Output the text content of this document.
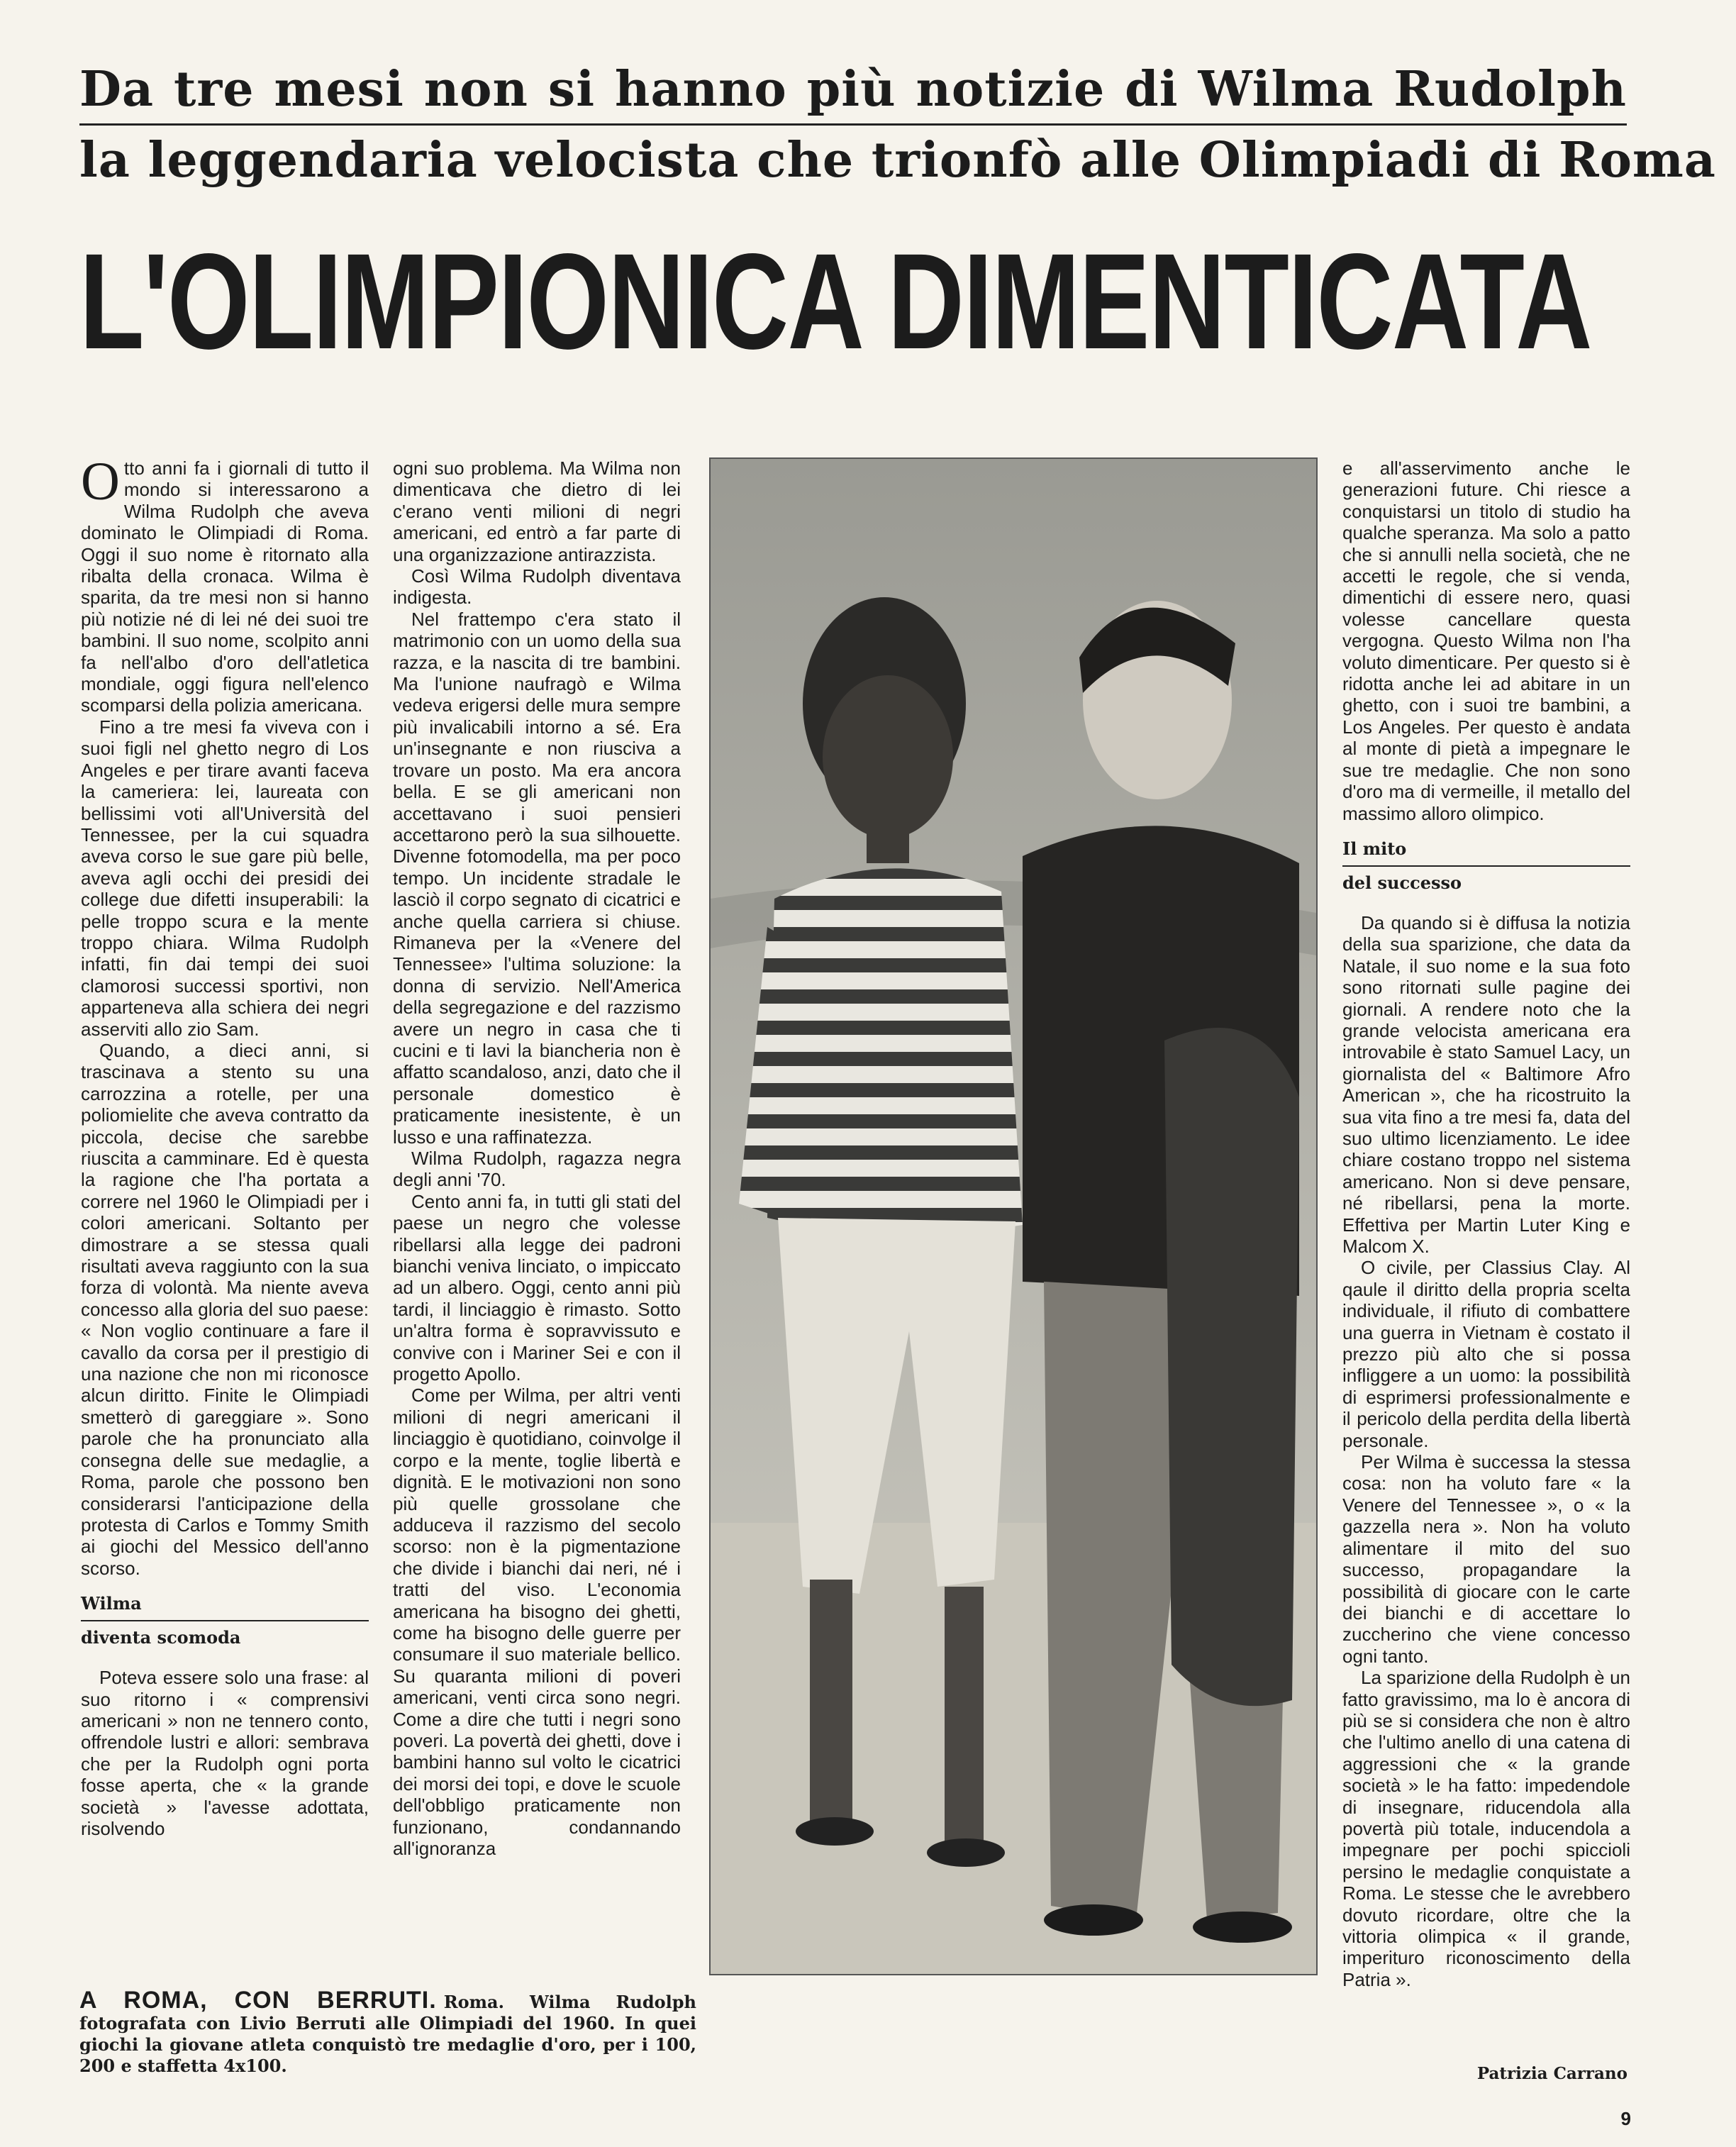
Da tre mesi non si hanno più notizie di Wilma Rudolph
la leggendaria velocista che trionfò alle Olimpiadi di Roma
L'OLIMPIONICA DIMENTICATA

Otto anni fa i giornali di tutto il mondo si interessarono a Wilma Rudolph che aveva dominato le Olimpiadi di Roma. Oggi il suo nome è ritornato alla ribalta della cronaca. Wilma è sparita, da tre mesi non si hanno più notizie né di lei né dei suoi tre bambini. Il suo nome, scolpito anni fa nell'albo d'oro dell'atletica mondiale, oggi figura nell'elenco scomparsi della polizia americana.

Fino a tre mesi fa viveva con i suoi figli nel ghetto negro di Los Angeles e per tirare avanti faceva la cameriera: lei, laureata con bellissimi voti all'Università del Tennessee, per la cui squadra aveva corso le sue gare più belle, aveva agli occhi dei presidi dei college due difetti insuperabili: la pelle troppo scura e la mente troppo chiara. Wilma Rudolph infatti, fin dai tempi dei suoi clamorosi successi sportivi, non apparteneva alla schiera dei negri asserviti allo zio Sam.

Quando, a dieci anni, si trascinava a stento su una carrozzina a rotelle, per una poliomielite che aveva contratto da piccola, decise che sarebbe riuscita a camminare. Ed è questa la ragione che l'ha portata a correre nel 1960 le Olimpiadi per i colori americani. Soltanto per dimostrare a se stessa quali risultati aveva raggiunto con la sua forza di volontà. Ma niente aveva concesso alla gloria del suo paese: « Non voglio continuare a fare il cavallo da corsa per il prestigio di una nazione che non mi riconosce alcun diritto. Finite le Olimpiadi smetterò di gareggiare ». Sono parole che ha pronunciato alla consegna delle sue medaglie, a Roma, parole che possono ben considerarsi l'anticipazione della protesta di Carlos e Tommy Smith ai giochi del Messico dell'anno scorso.

Wilma
diventa scomoda

Poteva essere solo una frase: al suo ritorno i « comprensivi americani » non ne tennero conto, offrendole lustri e allori: sembrava che per la Rudolph ogni porta fosse aperta, che « la grande società » l'avesse adottata, risolvendo

ogni suo problema. Ma Wilma non dimenticava che dietro di lei c'erano venti milioni di negri americani, ed entrò a far parte di una organizzazione antirazzista.

Così Wilma Rudolph diventava indigesta.

Nel frattempo c'era stato il matrimonio con un uomo della sua razza, e la nascita di tre bambini. Ma l'unione naufragò e Wilma vedeva erigersi delle mura sempre più invalicabili intorno a sé. Era un'insegnante e non riusciva a trovare un posto. Ma era ancora bella. E se gli americani non accettavano i suoi pensieri accettarono però la sua silhouette. Divenne fotomodella, ma per poco tempo. Un incidente stradale le lasciò il corpo segnato di cicatrici e anche quella carriera si chiuse. Rimaneva per la «Venere del Tennessee» l'ultima soluzione: la donna di servizio. Nell'America della segregazione e del razzismo avere un negro in casa che ti cucini e ti lavi la biancheria non è affatto scandaloso, anzi, dato che il personale domestico è praticamente inesistente, è un lusso e una raffinatezza.

Wilma Rudolph, ragazza negra degli anni '70.

Cento anni fa, in tutti gli stati del paese un negro che volesse ribellarsi alla legge dei padroni bianchi veniva linciato, o impiccato ad un albero. Oggi, cento anni più tardi, il linciaggio è rimasto. Sotto un'altra forma è sopravvissuto e convive con i Mariner Sei e con il progetto Apollo.

Come per Wilma, per altri venti milioni di negri americani il linciaggio è quotidiano, coinvolge il corpo e la mente, toglie libertà e dignità. E le motivazioni non sono più quelle grossolane che adduceva il razzismo del secolo scorso: non è la pigmentazione che divide i bianchi dai neri, né i tratti del viso. L'economia americana ha bisogno dei ghetti, come ha bisogno delle guerre per consumare il suo materiale bellico. Su quaranta milioni di poveri americani, venti circa sono negri. Come a dire che tutti i negri sono poveri. La povertà dei ghetti, dove i bambini hanno sul volto le cicatrici dei morsi dei topi, e dove le scuole dell'obbligo praticamente non funzionano, condannando all'ignoranza

e all'asservimento anche le generazioni future. Chi riesce a conquistarsi un titolo di studio ha qualche speranza. Ma solo a patto che si annulli nella società, che ne accetti le regole, che si venda, dimentichi di essere nero, quasi volesse cancellare questa vergogna. Questo Wilma non l'ha voluto dimenticare. Per questo si è ridotta anche lei ad abitare in un ghetto, con i suoi tre bambini, a Los Angeles. Per questo è andata al monte di pietà a impegnare le sue tre medaglie. Che non sono d'oro ma di vermeille, il metallo del massimo alloro olimpico.

Il mito
del successo

Da quando si è diffusa la notizia della sua sparizione, che data da Natale, il suo nome e la sua foto sono ritornati sulle pagine dei giornali. A rendere noto che la grande velocista americana era introvabile è stato Samuel Lacy, un giornalista del « Baltimore Afro American », che ha ricostruito la sua vita fino a tre mesi fa, data del suo ultimo licenziamento. Le idee chiare costano troppo nel sistema americano. Non si deve pensare, né ribellarsi, pena la morte. Effettiva per Martin Luter King e Malcom X.

O civile, per Classius Clay. Al qaule il diritto della propria scelta individuale, il rifiuto di combattere una guerra in Vietnam è costato il prezzo più alto che si possa infliggere a un uomo: la possibilità di esprimersi professionalmente e il pericolo della perdita della libertà personale.

Per Wilma è successa la stessa cosa: non ha voluto fare « la Venere del Tennessee », o « la gazzella nera ». Non ha voluto alimentare il mito del suo successo, propagandare la possibilità di giocare con le carte dei bianchi e di accettare lo zuccherino che viene concesso ogni tanto.

La sparizione della Rudolph è un fatto gravissimo, ma lo è ancora di più se si considera che non è altro che l'ultimo anello di una catena di aggressioni che « la grande società » le ha fatto: impedendole di insegnare, riducendola alla povertà più totale, inducendola a impegnare per pochi spiccioli persino le medaglie conquistate a Roma. Le stesse che le avrebbero dovuto ricordare, oltre che la vittoria olimpica « il grande, imperituro riconoscimento della Patria ».

A ROMA, CON BERRUTI. Roma. Wilma Rudolph fotografata con Livio Berruti alle Olimpiadi del 1960. In quei giochi la giovane atleta conquistò tre medaglie d'oro, per i 100, 200 e staffetta 4x100.	Patrizia Carrano
9
